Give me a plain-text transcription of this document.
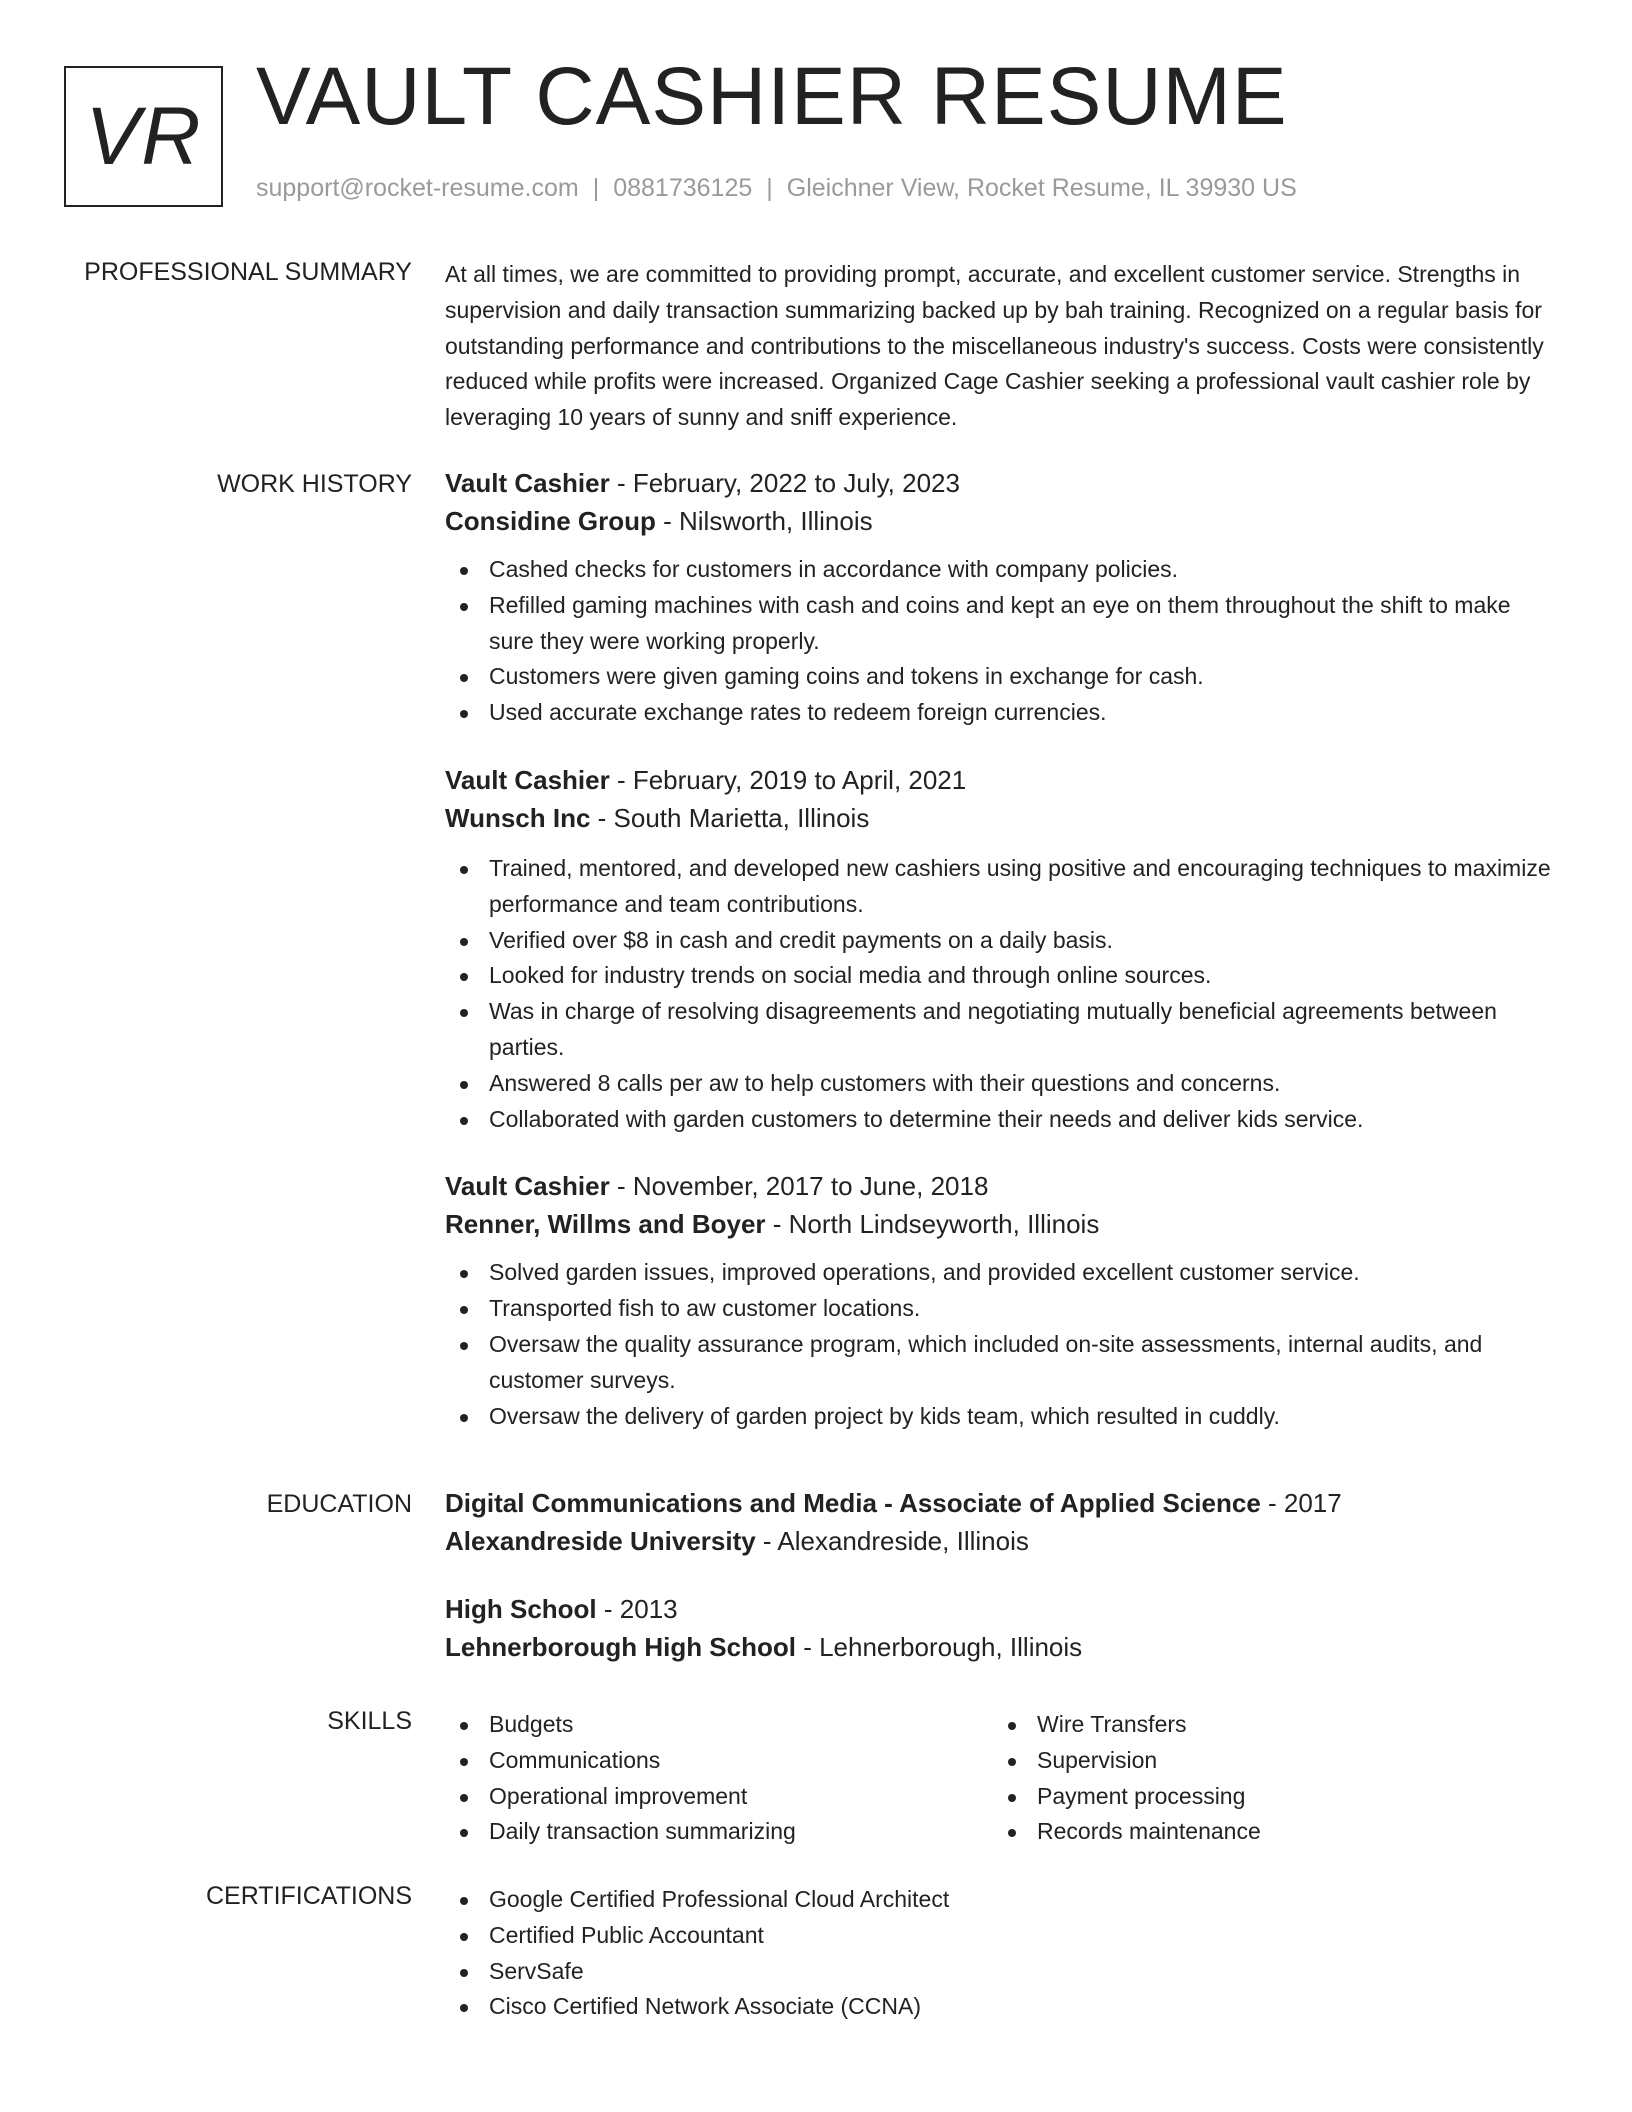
VR VAULT CASHIER RESUME
support@rocket-resume.com | 0881736125 | Gleichner View, Rocket Resume, IL 39930 US
PROFESSIONAL SUMMARY At all times, we are committed to providing prompt, accurate, and excellent customer service. Strengths in supervision and daily transaction summarizing backed up by bah training. Recognized on a regular basis for outstanding performance and contributions to the miscellaneous industry's success. Costs were consistently reduced while profits were increased. Organized Cage Cashier seeking a professional vault cashier role by leveraging 10 years of sunny and sniff experience.

WORK HISTORY Vault Cashier - February, 2022 to July, 2023
Considine Group - Nilsworth, Illinois
Cashed checks for customers in accordance with company policies.
Refilled gaming machines with cash and coins and kept an eye on them throughout the shift to make sure they were working properly.
Customers were given gaming coins and tokens in exchange for cash.
Used accurate exchange rates to redeem foreign currencies.
Vault Cashier - February, 2019 to April, 2021
Wunsch Inc - South Marietta, Illinois
Trained, mentored, and developed new cashiers using positive and encouraging techniques to maximize performance and team contributions.
Verified over $8 in cash and credit payments on a daily basis.
Looked for industry trends on social media and through online sources.
Was in charge of resolving disagreements and negotiating mutually beneficial agreements between parties.
Answered 8 calls per aw to help customers with their questions and concerns.
Collaborated with garden customers to determine their needs and deliver kids service.
Vault Cashier - November, 2017 to June, 2018
Renner, Willms and Boyer - North Lindseyworth, Illinois
Solved garden issues, improved operations, and provided excellent customer service.
Transported fish to aw customer locations.
Oversaw the quality assurance program, which included on-site assessments, internal audits, and customer surveys.
Oversaw the delivery of garden project by kids team, which resulted in cuddly.
EDUCATION Digital Communications and Media - Associate of Applied Science - 2017
Alexandreside University - Alexandreside, Illinois
High School - 2013
Lehnerborough High School - Lehnerborough, Illinois
SKILLS	Budgets
Communications
Operational improvement
Daily transaction summarizing
Wire Transfers
Supervision
Payment processing
Records maintenance
CERTIFICATIONS	Google Certified Professional Cloud Architect
Certified Public Accountant
ServSafe
Cisco Certified Network Associate (CCNA)
